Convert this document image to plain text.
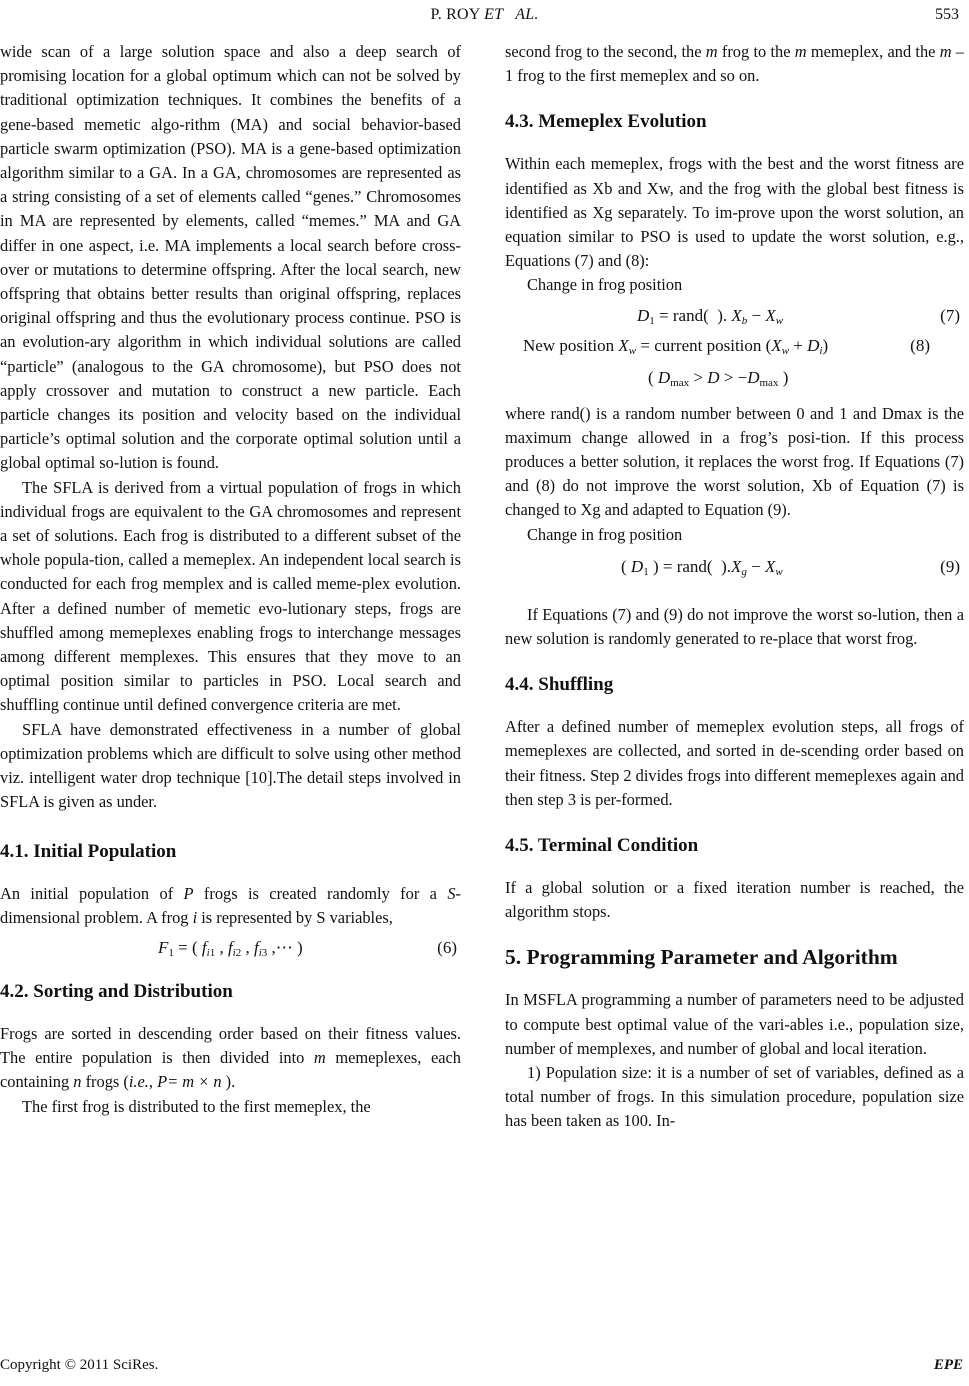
P. ROY ET   AL.	553

wide scan of a large solution space and also a deep search of promising location for a global optimum which can not be solved by traditional optimization techniques. It combines the benefits of a gene-based memetic algo-rithm (MA) and social behavior-based particle swarm optimization (PSO). MA is a gene-based optimization algorithm similar to a GA. In a GA, chromosomes are represented as a string consisting of a set of elements called “genes.” Chromosomes in MA are represented by elements, called “memes.” MA and GA differ in one aspect, i.e. MA implements a local search before cross-over or mutations to determine offspring. After the local search, new offspring that obtains better results than original offspring, replaces original offspring and thus the evolutionary process continue. PSO is an evolution-ary algorithm in which individual solutions are called “particle” (analogous to the GA chromosome), but PSO does not apply crossover and mutation to construct a new particle. Each particle changes its position and velocity based on the individual particle’s optimal solution and the corporate optimal solution until a global optimal so-lution is found.

The SFLA is derived from a virtual population of frogs in which individual frogs are equivalent to the GA chromosomes and represent a set of solutions. Each frog is distributed to a different subset of the whole popula-tion, called a memeplex. An independent local search is conducted for each frog memplex and is called meme-plex evolution. After a defined number of memetic evo-lutionary steps, frogs are shuffled among memeplexes enabling frogs to interchange messages among different memplexes. This ensures that they move to an optimal position similar to particles in PSO. Local search and shuffling continue until defined convergence criteria are met.

SFLA have demonstrated effectiveness in a number of global optimization problems which are difficult to solve using other method viz. intelligent water drop technique [10].The detail steps involved in SFLA is given as under.

4.1. Initial Population

An initial population of P frogs is created randomly for a S-dimensional problem. A frog i is represented by S variables,

$F_1$ = ( $f_{i1}$ , $f_{i2}$ , $f_{i3}$ ,⋯ )	(6)
4.2. Sorting and Distribution

Frogs are sorted in descending order based on their fitness values. The entire population is then divided into m memeplexes, each containing n frogs (i.e., P= m × n ).

The first frog is distributed to the first memeplex, the

second frog to the second, the m frog to the m memeplex, and the m – 1 frog to the first memeplex and so on.

4.3. Memeplex Evolution

Within each memeplex, frogs with the best and the worst fitness are identified as Xb and Xw, and the frog with the global best fitness is identified as Xg separately. To im-prove upon the worst solution, an equation similar to PSO is used to update the worst solution, e.g., Equations (7) and (8):

Change in frog position

$D_1$ = rand(  ). $X_b - X_w$	(7)
New position $X_w$ = current position $(X_w + D_i)$	(8)
( $D_{max} > D > -D_{max}$ )

where rand() is a random number between 0 and 1 and Dmax is the maximum change allowed in a frog’s posi-tion. If this process produces a better solution, it replaces the worst frog. If Equations (7) and (8) do not improve the worst solution, Xb of Equation (7) is changed to Xg and adapted to Equation (9).

Change in frog position

( $D_1$ ) = rand(  )$.X_g - X_w$	(9)

If Equations (7) and (9) do not improve the worst so-lution, then a new solution is randomly generated to re-place that worst frog.

4.4. Shuffling

After a defined number of memeplex evolution steps, all frogs of memeplexes are collected, and sorted in de-scending order based on their fitness. Step 2 divides frogs into different memeplexes again and then step 3 is per-formed.

4.5. Terminal Condition

If a global solution or a fixed iteration number is reached, the algorithm stops.

5. Programming Parameter and Algorithm

In MSFLA programming a number of parameters need to be adjusted to compute best optimal value of the vari-ables i.e., population size, number of memplexes, and number of global and local iteration.

1) Population size: it is a number of set of variables, defined as a total number of frogs. In this simulation procedure, population size has been taken as 100. In-

Copyright © 2011 SciRes.	EPE
